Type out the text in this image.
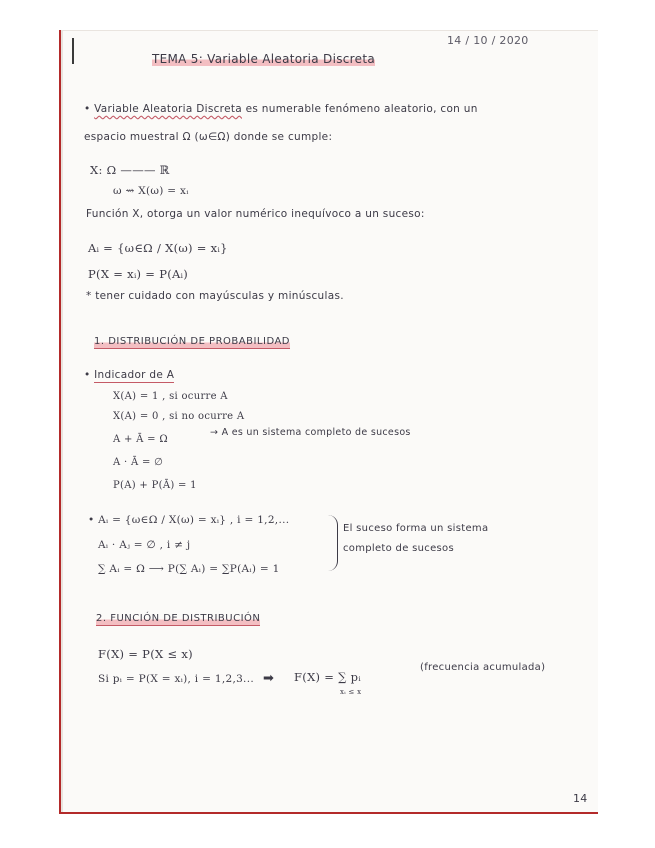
14 / 10 / 2020
TEMA 5: Variable Aleatoria Discreta
• Variable Aleatoria Discreta es numerable fenómeno aleatorio, con un
espacio muestral Ω (ω∈Ω) donde se cumple:
X: Ω ——— ℝ
ω ⇝ X(ω) = xᵢ
Función X, otorga un valor numérico inequívoco a un suceso:
Aᵢ = {ω∈Ω / X(ω) = xᵢ}
P(X = xᵢ) = P(Aᵢ)
* tener cuidado con mayúsculas y minúsculas.
1. DISTRIBUCIÓN DE PROBABILIDAD
• Indicador de A
X(A) = 1 , si ocurre A
X(A) = 0 , si no ocurre A
A + Ā = Ω
→ A es un sistema completo de sucesos
A · Ā = ∅
P(A) + P(Ā) = 1
• Aᵢ = {ω∈Ω / X(ω) = xᵢ} , i = 1,2,...
Aᵢ · Aⱼ = ∅ , i ≠ j
∑ Aᵢ = Ω ⟶ P(∑ Aᵢ) = ∑P(Aᵢ) = 1
El suceso forma un sistema
completo de sucesos
2. FUNCIÓN DE DISTRIBUCIÓN
F(X) = P(X ≤ x)
Si pᵢ = P(X = xᵢ), i = 1,2,3... ➡ F(X) = ∑ pᵢ
xᵢ ≤ x
(frecuencia acumulada)
14
